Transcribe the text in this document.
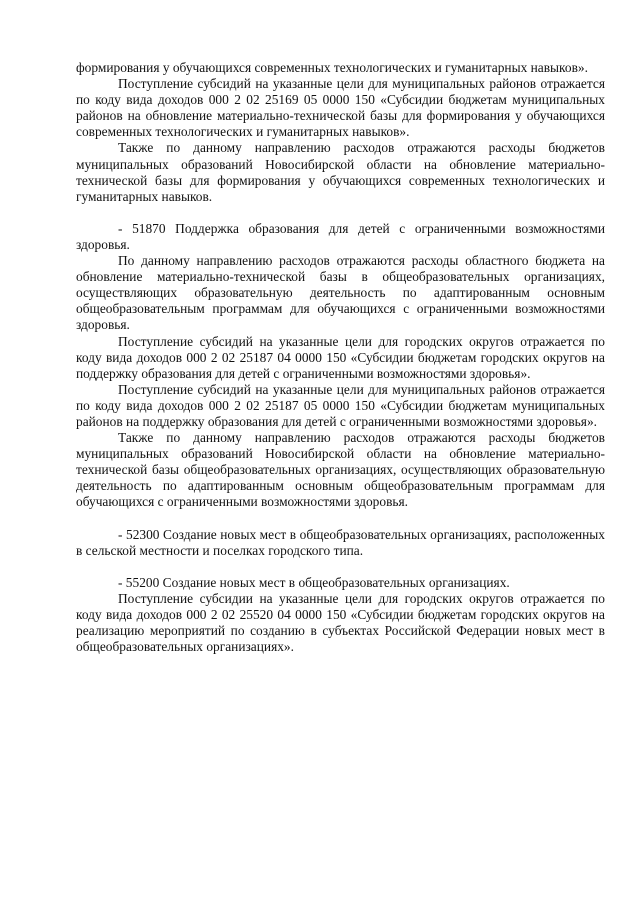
формирования у обучающихся современных технологических и гуманитарных навыков».

Поступление субсидий на указанные цели для муниципальных районов отражается по коду вида доходов 000 2 02 25169 05 0000 150 «Субсидии бюджетам муниципальных районов на обновление материально-технической базы для формирования у обучающихся современных технологических и гуманитарных навыков».

Также по данному направлению расходов отражаются расходы бюджетов муниципальных образований Новосибирской области на обновление материально-технической базы для формирования у обучающихся современных технологических и гуманитарных навыков.

- 51870 Поддержка образования для детей с ограниченными возможностями здоровья.

По данному направлению расходов отражаются расходы областного бюджета на обновление материально-технической базы в общеобразовательных организациях, осуществляющих образовательную деятельность по адаптированным основным общеобразовательным программам для обучающихся с ограниченными возможностями здоровья.

Поступление субсидий на указанные цели для городских округов отражается по коду вида доходов 000 2 02 25187 04 0000 150 «Субсидии бюджетам городских округов на поддержку образования для детей с ограниченными возможностями здоровья».

Поступление субсидий на указанные цели для муниципальных районов отражается по коду вида доходов 000 2 02 25187 05 0000 150 «Субсидии бюджетам муниципальных районов на поддержку образования для детей с ограниченными возможностями здоровья».

Также по данному направлению расходов отражаются расходы бюджетов муниципальных образований Новосибирской области на обновление материально-технической базы общеобразовательных организациях, осуществляющих образовательную деятельность по адаптированным основным общеобразовательным программам для обучающихся с ограниченными возможностями здоровья.

- 52300 Создание новых мест в общеобразовательных организациях, расположенных в сельской местности и поселках городского типа.

- 55200 Создание новых мест в общеобразовательных организациях.

Поступление субсидии на указанные цели для городских округов отражается по коду вида доходов 000 2 02 25520 04 0000 150 «Субсидии бюджетам городских округов на реализацию мероприятий по созданию в субъектах Российской Федерации новых мест в общеобразовательных организациях».
